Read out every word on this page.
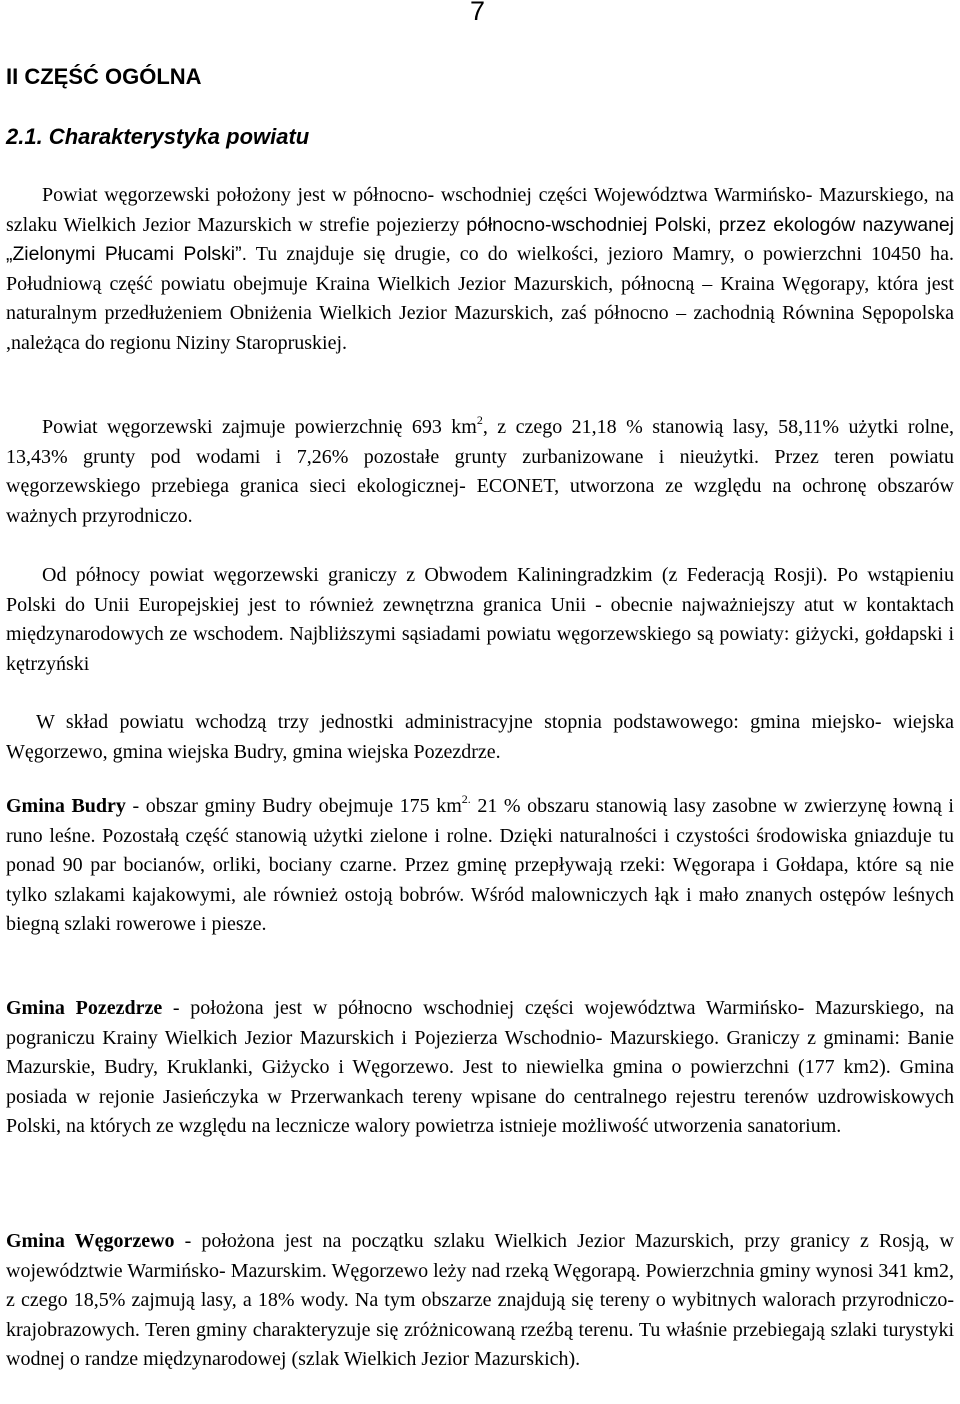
7
II CZĘŚĆ OGÓLNA
2.1. Charakterystyka powiatu

Powiat węgorzewski położony jest w północno- wschodniej części Województwa Warmińsko- Mazurskiego, na szlaku Wielkich Jezior Mazurskich w strefie pojezierzy północno-wschodniej Polski, przez ekologów nazywanej „Zielonymi Płucami Polski”. Tu znajduje się drugie, co do wielkości, jezioro Mamry, o powierzchni 10450 ha. Południową część powiatu obejmuje Kraina Wielkich Jezior Mazurskich, północną – Kraina Węgorapy, która jest naturalnym przedłużeniem Obniżenia Wielkich Jezior Mazurskich, zaś północno – zachodnią Równina Sępopolska ,należąca do regionu Niziny Staropruskiej.

Powiat węgorzewski zajmuje powierzchnię 693 $km^2$, z czego 21,18 % stanowią lasy, 58,11% użytki rolne, 13,43% grunty pod wodami i 7,26% pozostałe grunty zurbanizowane i nieużytki. Przez teren powiatu węgorzewskiego przebiega granica sieci ekologicznej- ECONET, utworzona ze względu na ochronę obszarów ważnych przyrodniczo.

Od północy powiat węgorzewski graniczy z Obwodem Kaliningradzkim (z Federacją Rosji). Po wstąpieniu Polski do Unii Europejskiej jest to również zewnętrzna granica Unii - obecnie najważniejszy atut w kontaktach międzynarodowych ze wschodem. Najbliższymi sąsiadami powiatu węgorzewskiego są powiaty: giżycki, gołdapski i kętrzyński

W skład powiatu wchodzą trzy jednostki administracyjne stopnia podstawowego: gmina miejsko- wiejska Węgorzewo, gmina wiejska Budry, gmina wiejska Pozezdrze.

Gmina Budry - obszar gminy Budry obejmuje 175 $km^{2.}$ 21 % obszaru stanowią lasy zasobne w zwierzynę łowną i runo leśne. Pozostałą część stanowią użytki zielone i rolne. Dzięki naturalności i czystości środowiska gniazduje tu ponad 90 par bocianów, orliki, bociany czarne. Przez gminę przepływają rzeki: Węgorapa i Gołdapa, które są nie tylko szlakami kajakowymi, ale również ostoją bobrów. Wśród malowniczych łąk i mało znanych ostępów leśnych biegną szlaki rowerowe i piesze.

Gmina Pozezdrze - położona jest w północno wschodniej części województwa Warmińsko- Mazurskiego, na pograniczu Krainy Wielkich Jezior Mazurskich i Pojezierza Wschodnio- Mazurskiego. Graniczy z gminami: Banie Mazurskie, Budry, Kruklanki, Giżycko i Węgorzewo. Jest to niewielka gmina o powierzchni (177 km2). Gmina posiada w rejonie Jasieńczyka w Przerwankach tereny wpisane do centralnego rejestru terenów uzdrowiskowych Polski, na których ze względu na lecznicze walory powietrza istnieje możliwość utworzenia sanatorium.

Gmina Węgorzewo - położona jest na początku szlaku Wielkich Jezior Mazurskich, przy granicy z Rosją, w województwie Warmińsko- Mazurskim. Węgorzewo leży nad rzeką Węgorapą. Powierzchnia gminy wynosi 341 km2, z czego 18,5% zajmują lasy, a 18% wody. Na tym obszarze znajdują się tereny o wybitnych walorach przyrodniczo- krajobrazowych. Teren gminy charakteryzuje się zróżnicowaną rzeźbą terenu. Tu właśnie przebiegają szlaki turystyki wodnej o randze międzynarodowej (szlak Wielkich Jezior Mazurskich).
